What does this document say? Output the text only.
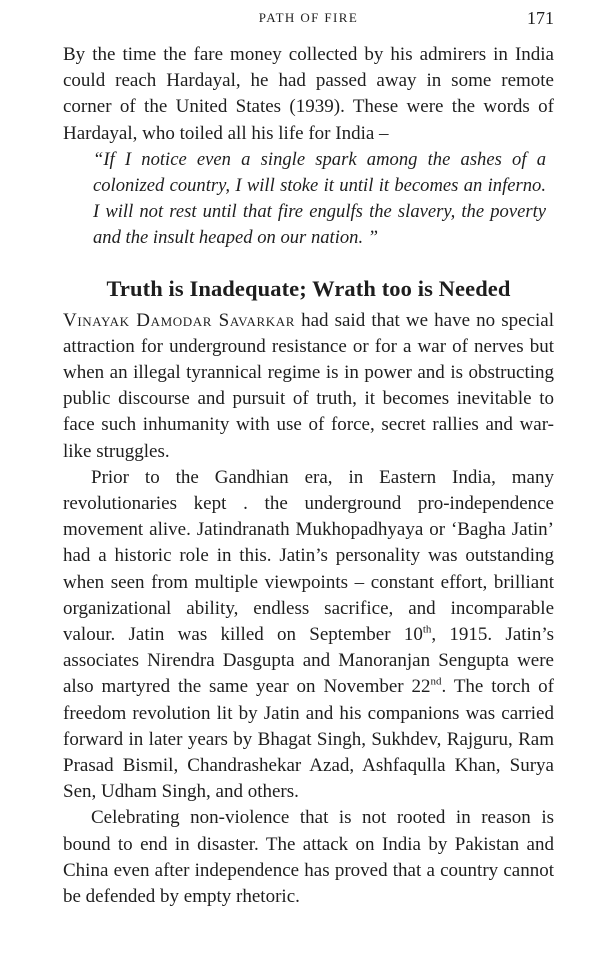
PATH OF FIRE	171

By the time the fare money collected by his admirers in India could reach Hardayal, he had passed away in some remote corner of the United States (1939). These were the words of Hardayal, who toiled all his life for India –

“If I notice even a single spark among the ashes of a colonized country, I will stoke it until it becomes an inferno. I will not rest until that fire engulfs the slavery, the poverty and the insult heaped on our nation. ”
Truth is Inadequate; Wrath too is Needed

Vinayak Damodar Savarkar had said that we have no special attraction for underground resistance or for a war of nerves but when an illegal tyrannical regime is in power and is obstructing public discourse and pursuit of truth, it becomes inevitable to face such inhumanity with use of force, secret rallies and war-like struggles.

Prior to the Gandhian era, in Eastern India, many revolutionaries kept . the underground pro-independence movement alive. Jatindranath Mukhopadhyaya or ‘Bagha Jatin’ had a historic role in this. Jatin’s personality was outstanding when seen from multiple viewpoints – constant effort, brilliant organizational ability, endless sacrifice, and incomparable valour. Jatin was killed on September 10th, 1915. Jatin’s associates Nirendra Dasgupta and Manoranjan Sengupta were also martyred the same year on November 22nd. The torch of freedom revolution lit by Jatin and his companions was carried forward in later years by Bhagat Singh, Sukhdev, Rajguru, Ram Prasad Bismil, Chandrashekar Azad, Ashfaqulla Khan, Surya Sen, Udham Singh, and others.

Celebrating non-violence that is not rooted in reason is bound to end in disaster. The attack on India by Pakistan and China even after independence has proved that a country cannot be defended by empty rhetoric.
